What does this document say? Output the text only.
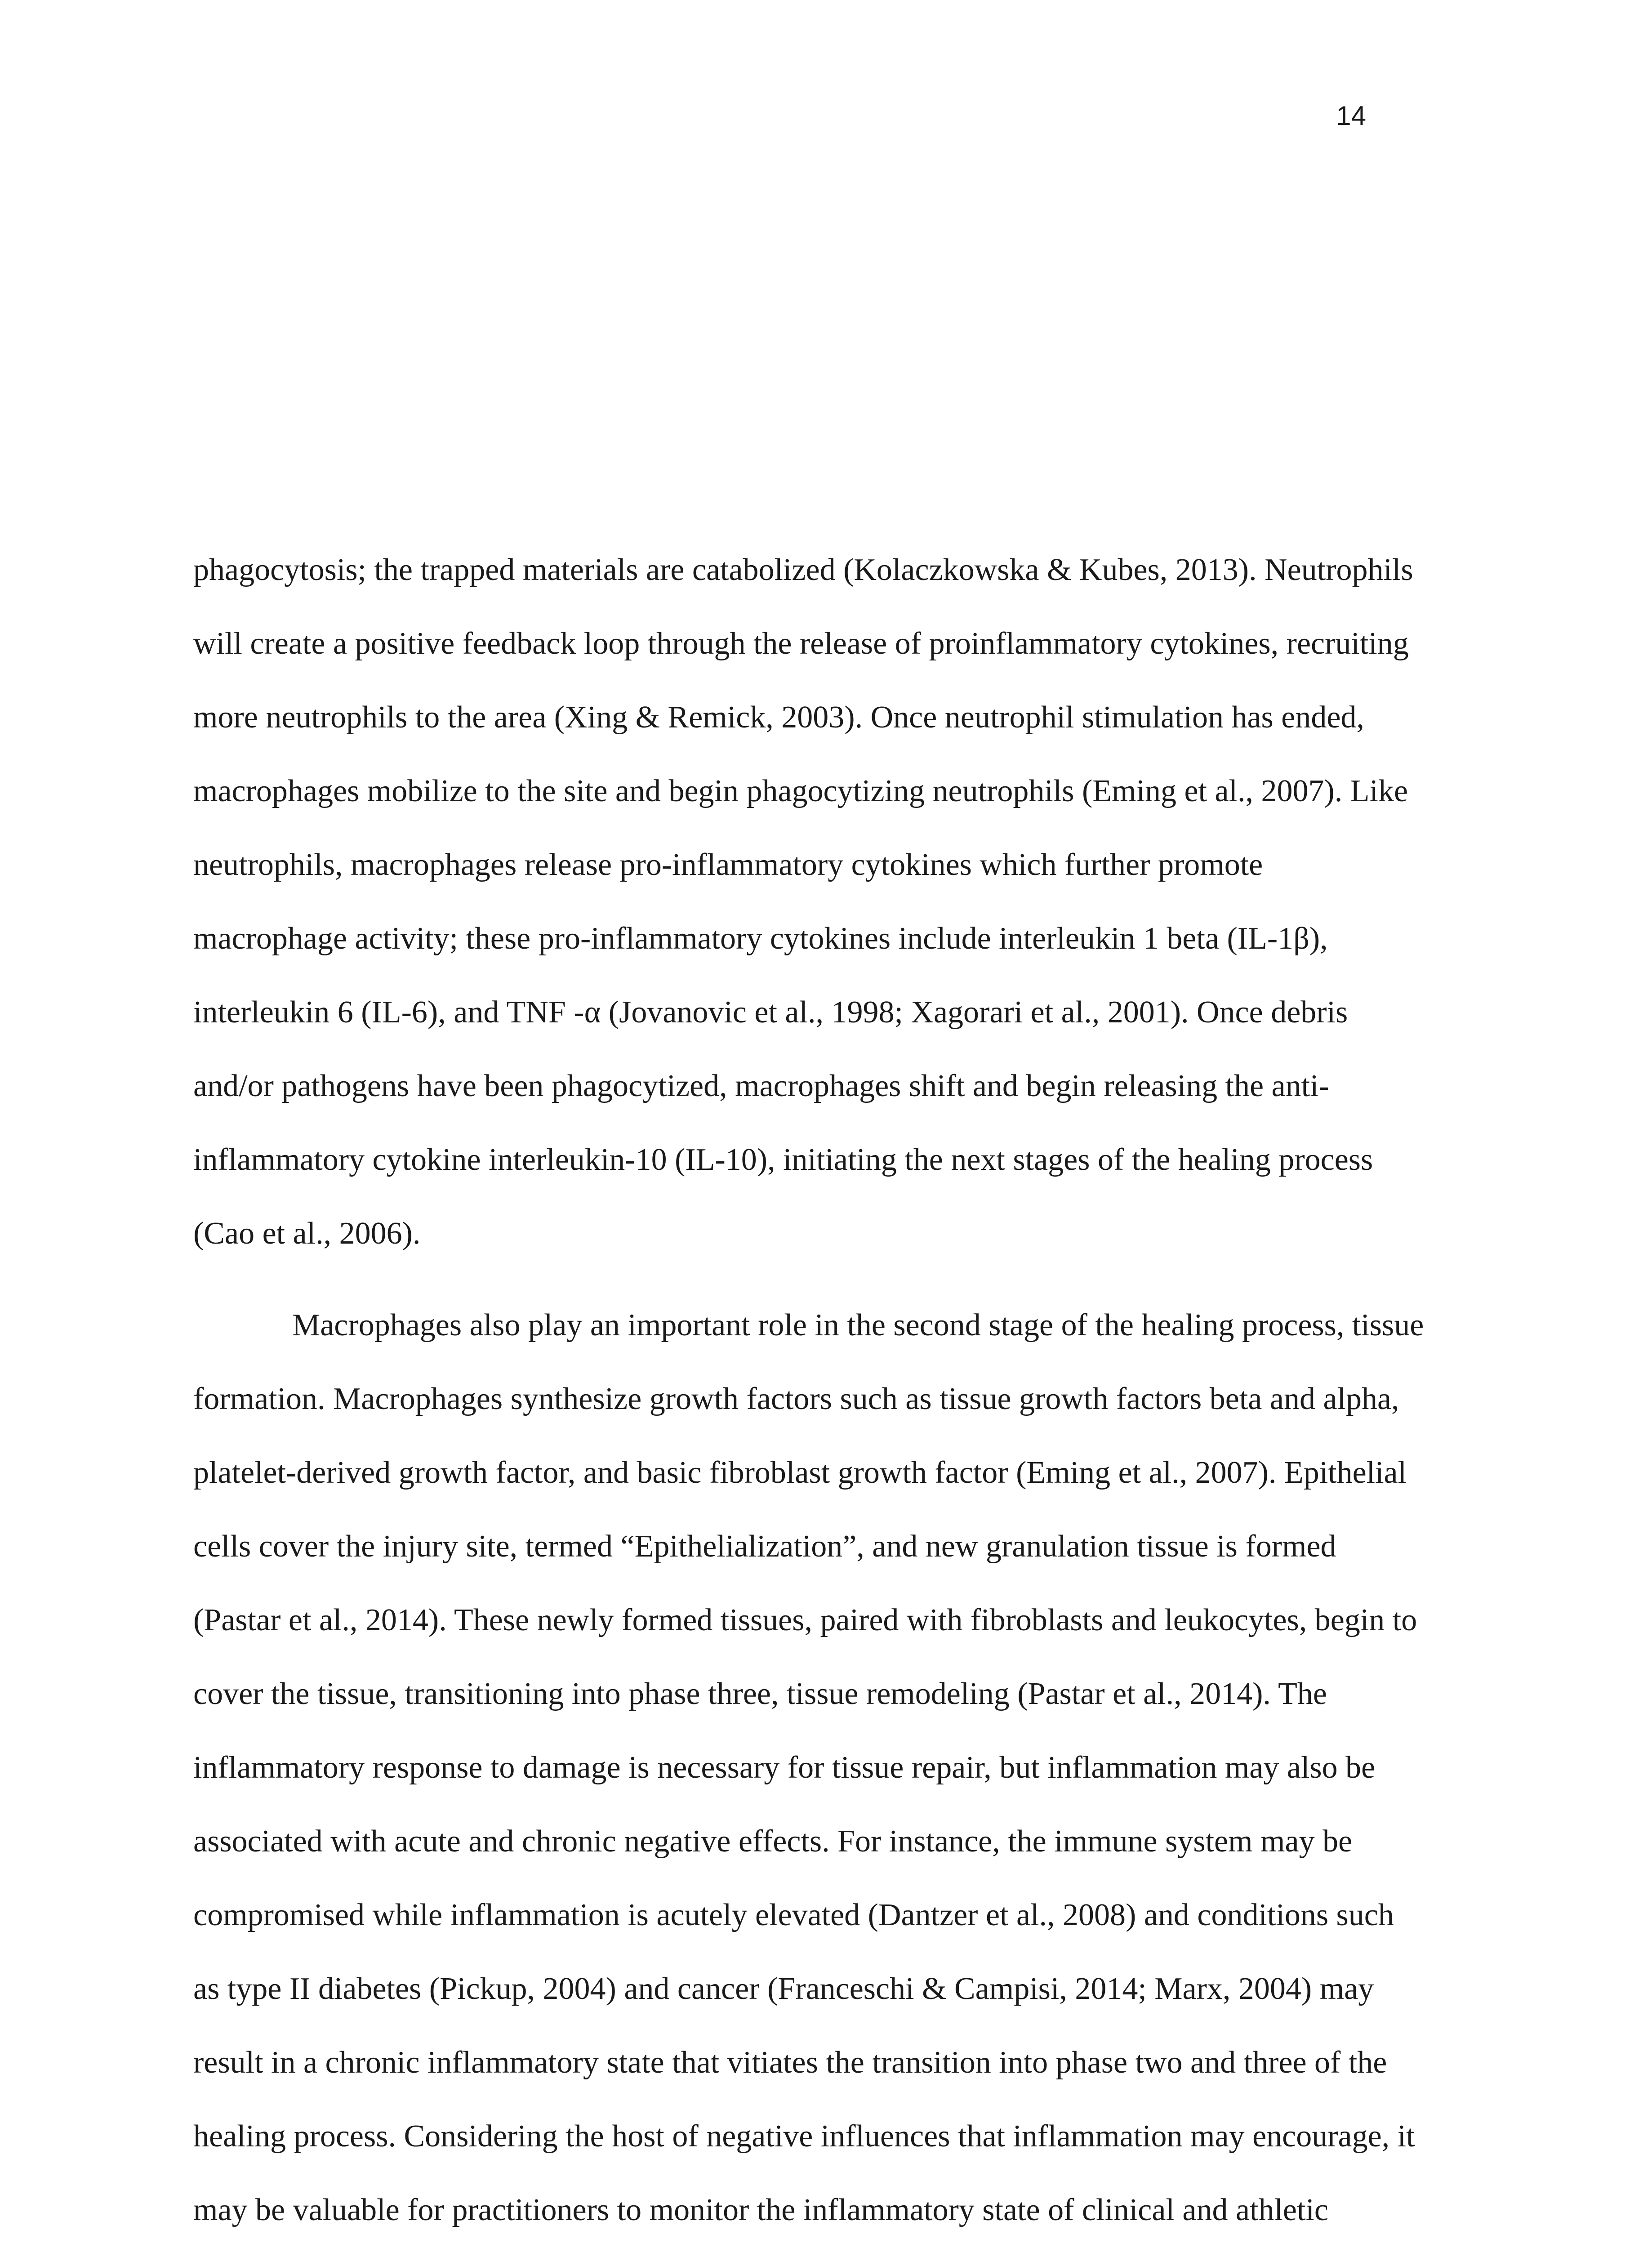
14
phagocytosis; the trapped materials are catabolized (Kolaczkowska & Kubes, 2013). Neutrophils
will create a positive feedback loop through the release of proinflammatory cytokines, recruiting
more neutrophils to the area (Xing & Remick, 2003). Once neutrophil stimulation has ended,
macrophages mobilize to the site and begin phagocytizing neutrophils (Eming et al., 2007). Like
neutrophils, macrophages release pro-inflammatory cytokines which further promote
macrophage activity; these pro-inflammatory cytokines include interleukin 1 beta (IL-1β),
interleukin 6 (IL-6), and TNF -α (Jovanovic et al., 1998; Xagorari et al., 2001). Once debris
and/or pathogens have been phagocytized, macrophages shift and begin releasing the anti-
inflammatory cytokine interleukin-10 (IL-10), initiating the next stages of the healing process
(Cao et al., 2006).
Macrophages also play an important role in the second stage of the healing process, tissue
formation. Macrophages synthesize growth factors such as tissue growth factors beta and alpha,
platelet-derived growth factor, and basic fibroblast growth factor (Eming et al., 2007). Epithelial
cells cover the injury site, termed “Epithelialization”, and new granulation tissue is formed
(Pastar et al., 2014). These newly formed tissues, paired with fibroblasts and leukocytes, begin to
cover the tissue, transitioning into phase three, tissue remodeling (Pastar et al., 2014). The
inflammatory response to damage is necessary for tissue repair, but inflammation may also be
associated with acute and chronic negative effects. For instance, the immune system may be
compromised while inflammation is acutely elevated (Dantzer et al., 2008) and conditions such
as type II diabetes (Pickup, 2004) and cancer (Franceschi & Campisi, 2014; Marx, 2004) may
result in a chronic inflammatory state that vitiates the transition into phase two and three of the
healing process. Considering the host of negative influences that inflammation may encourage, it
may be valuable for practitioners to monitor the inflammatory state of clinical and athletic
